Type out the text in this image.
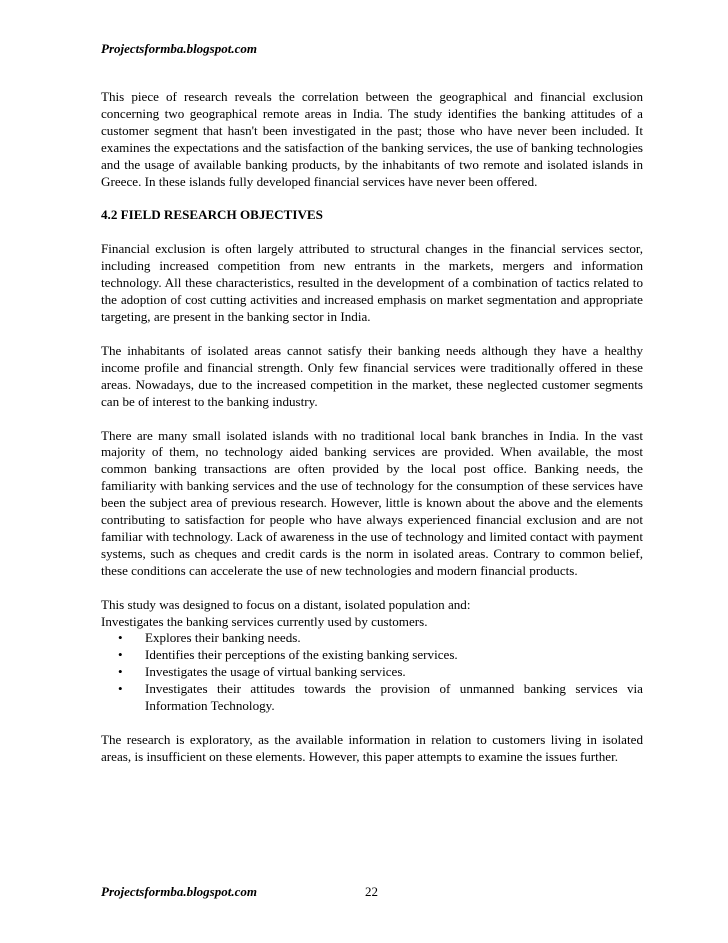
Projectsformba.blogspot.com

This piece of research reveals the correlation between the geographical and financial exclusion concerning two geographical remote areas in India. The study identifies the banking attitudes of a customer segment that hasn't been investigated in the past; those who have never been included. It examines the expectations and the satisfaction of the banking services, the use of banking technologies and the usage of available banking products, by the inhabitants of two remote and isolated islands in Greece. In these islands fully developed financial services have never been offered.

4.2 FIELD RESEARCH OBJECTIVES

Financial exclusion is often largely attributed to structural changes in the financial services sector, including increased competition from new entrants in the markets, mergers and information technology. All these characteristics, resulted in the development of a combination of tactics related to the adoption of cost cutting activities and increased emphasis on market segmentation and appropriate targeting, are present in the banking sector in India.

The inhabitants of isolated areas cannot satisfy their banking needs although they have a healthy income profile and financial strength. Only few financial services were traditionally offered in these areas. Nowadays, due to the increased competition in the market, these neglected customer segments can be of interest to the banking industry.

There are many small isolated islands with no traditional local bank branches in India. In the vast majority of them, no technology aided banking services are provided. When available, the most common banking transactions are often provided by the local post office. Banking needs, the familiarity with banking services and the use of technology for the consumption of these services have been the subject area of previous research. However, little is known about the above and the elements contributing to satisfaction for people who have always experienced financial exclusion and are not familiar with technology. Lack of awareness in the use of technology and limited contact with payment systems, such as cheques and credit cards is the norm in isolated areas. Contrary to common belief, these conditions can accelerate the use of new technologies and modern financial products.

This study was designed to focus on a distant, isolated population and:
Investigates the banking services currently used by customers.
• Explores their banking needs.
• Identifies their perceptions of the existing banking services.
• Investigates the usage of virtual banking services.
• Investigates their attitudes towards the provision of unmanned banking services via Information Technology.

The research is exploratory, as the available information in relation to customers living in isolated areas, is insufficient on these elements. However, this paper attempts to examine the issues further.

Projectsformba.blogspot.com	22
